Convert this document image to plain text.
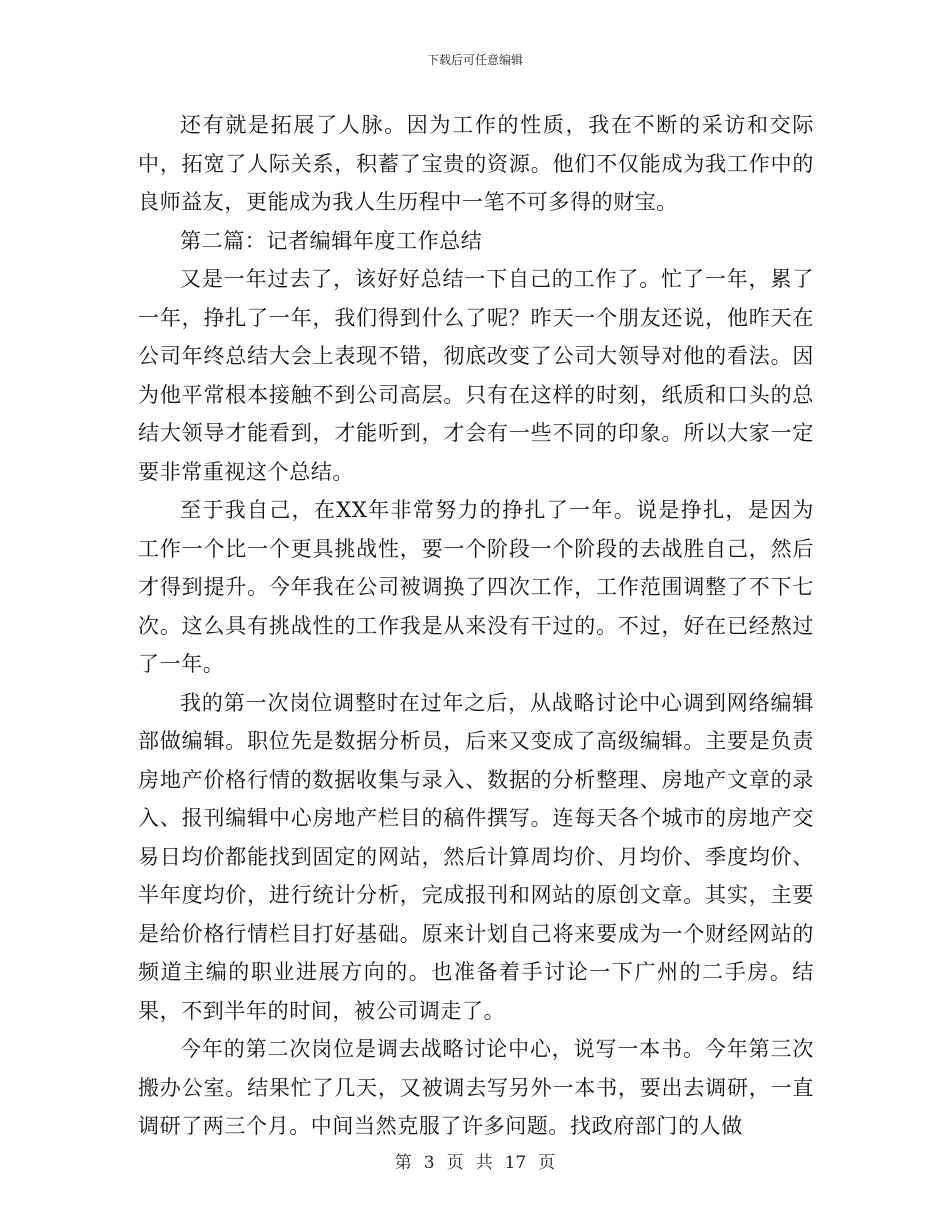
下载后可任意编辑

还有就是拓展了人脉。因为工作的性质，我在不断的采访和交际中，拓宽了人际关系，积蓄了宝贵的资源。他们不仅能成为我工作中的良师益友，更能成为我人生历程中一笔不可多得的财宝。

第二篇：记者编辑年度工作总结

又是一年过去了，该好好总结一下自己的工作了。忙了一年，累了一年，挣扎了一年，我们得到什么了呢？昨天一个朋友还说，他昨天在公司年终总结大会上表现不错，彻底改变了公司大领导对他的看法。因为他平常根本接触不到公司高层。只有在这样的时刻，纸质和口头的总结大领导才能看到，才能听到，才会有一些不同的印象。所以大家一定要非常重视这个总结。

至于我自己，在XX年非常努力的挣扎了一年。说是挣扎，是因为工作一个比一个更具挑战性，要一个阶段一个阶段的去战胜自己，然后才得到提升。今年我在公司被调换了四次工作，工作范围调整了不下七次。这么具有挑战性的工作我是从来没有干过的。不过，好在已经熬过了一年。

我的第一次岗位调整时在过年之后，从战略讨论中心调到网络编辑部做编辑。职位先是数据分析员，后来又变成了高级编辑。主要是负责房地产价格行情的数据收集与录入、数据的分析整理、房地产文章的录入、报刊编辑中心房地产栏目的稿件撰写。连每天各个城市的房地产交易日均价都能找到固定的网站，然后计算周均价、月均价、季度均价、半年度均价，进行统计分析，完成报刊和网站的原创文章。其实，主要是给价格行情栏目打好基础。原来计划自己将来要成为一个财经网站的频道主编的职业进展方向的。也准备着手讨论一下广州的二手房。结果，不到半年的时间，被公司调走了。

今年的第二次岗位是调去战略讨论中心，说写一本书。今年第三次搬办公室。结果忙了几天，又被调去写另外一本书，要出去调研，一直调研了两三个月。中间当然克服了许多问题。找政府部门的人做

第 3 页 共 17 页
